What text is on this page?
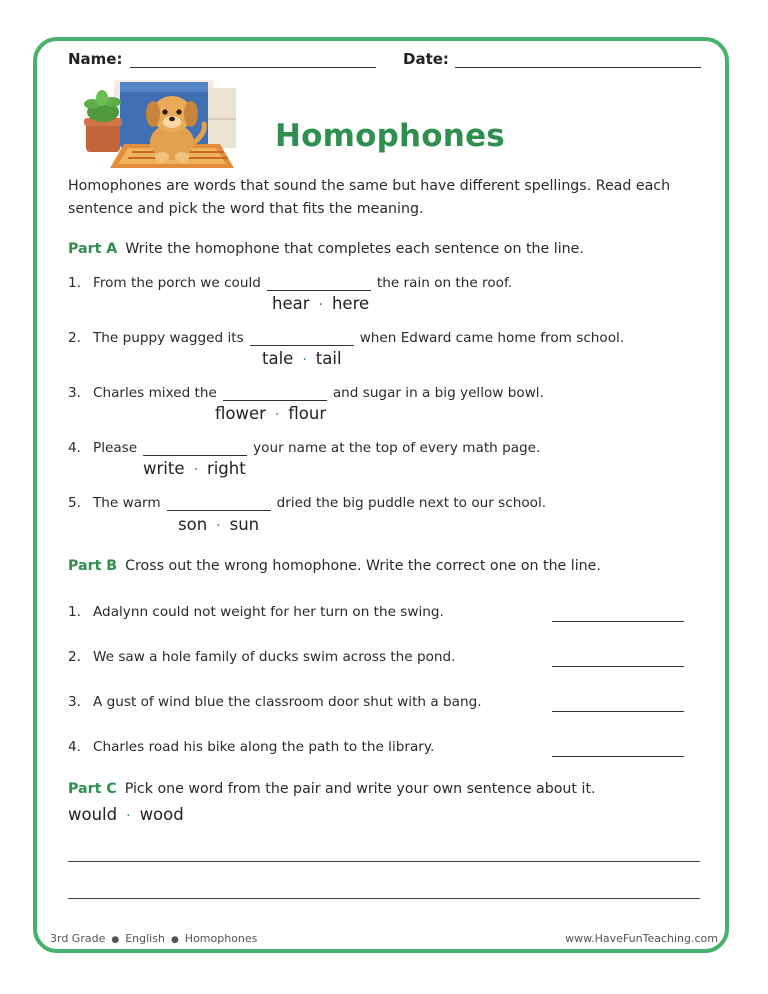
Name:	Date:
Homophones
Homophones are words that sound the same but have different spellings. Read each sentence and pick the word that fits the meaning.
Part A Write the homophone that completes each sentence on the line.
1. From the porch we could	the rain on the roof.
hear · here
2. The puppy wagged its	when Edward came home from school.
tale · tail
3. Charles mixed the	and sugar in a big yellow bowl.
flower · flour
4. Please	your name at the top of every math page.
write · right
5. The warm	dried the big puddle next to our school.
son · sun
Part B Cross out the wrong homophone. Write the correct one on the line.
1. Adalynn could not weight for her turn on the swing.
2. We saw a hole family of ducks swim across the pond.
3. A gust of wind blue the classroom door shut with a bang.
4. Charles road his bike along the path to the library.
Part C Pick one word from the pair and write your own sentence about it.
would · wood
3rd Grade ● English ● Homophones	www.HaveFunTeaching.com
